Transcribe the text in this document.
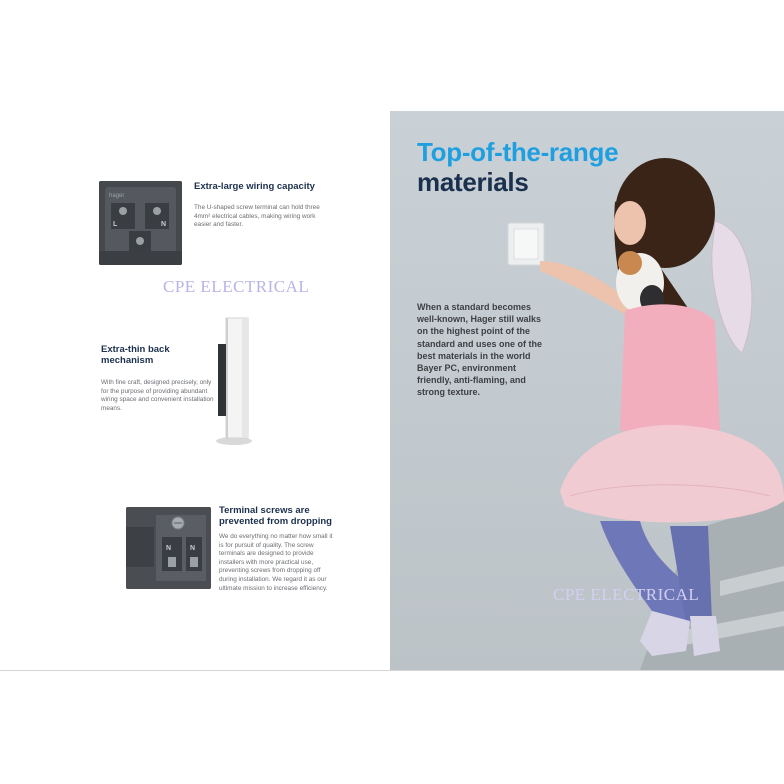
hager
L	N
Extra-large wiring capacity
The U-shaped screw terminal can hold three 4mm² electrical cables, making wiring work easier and faster.
Extra-thin back mechanism
With fine craft, designed precisely, only for the purpose of providing abundant wiring space and convenient installation means.
N	N
Terminal screws are prevented from dropping
We do everything no matter how small it is for pursuit of quality. The screw terminals are designed to provide installers with more practical use, preventing screws from dropping off during installation. We regard it as our ultimate mission to increase efficiency.
Top-of-the-range
materials
When a standard becomes well-known, Hager still walks on the highest point of the standard and uses one of the best materials in the world Bayer PC, environment friendly, anti-flaming, and strong texture.
CPE ELECTRICAL
CPE ELECTRICAL
